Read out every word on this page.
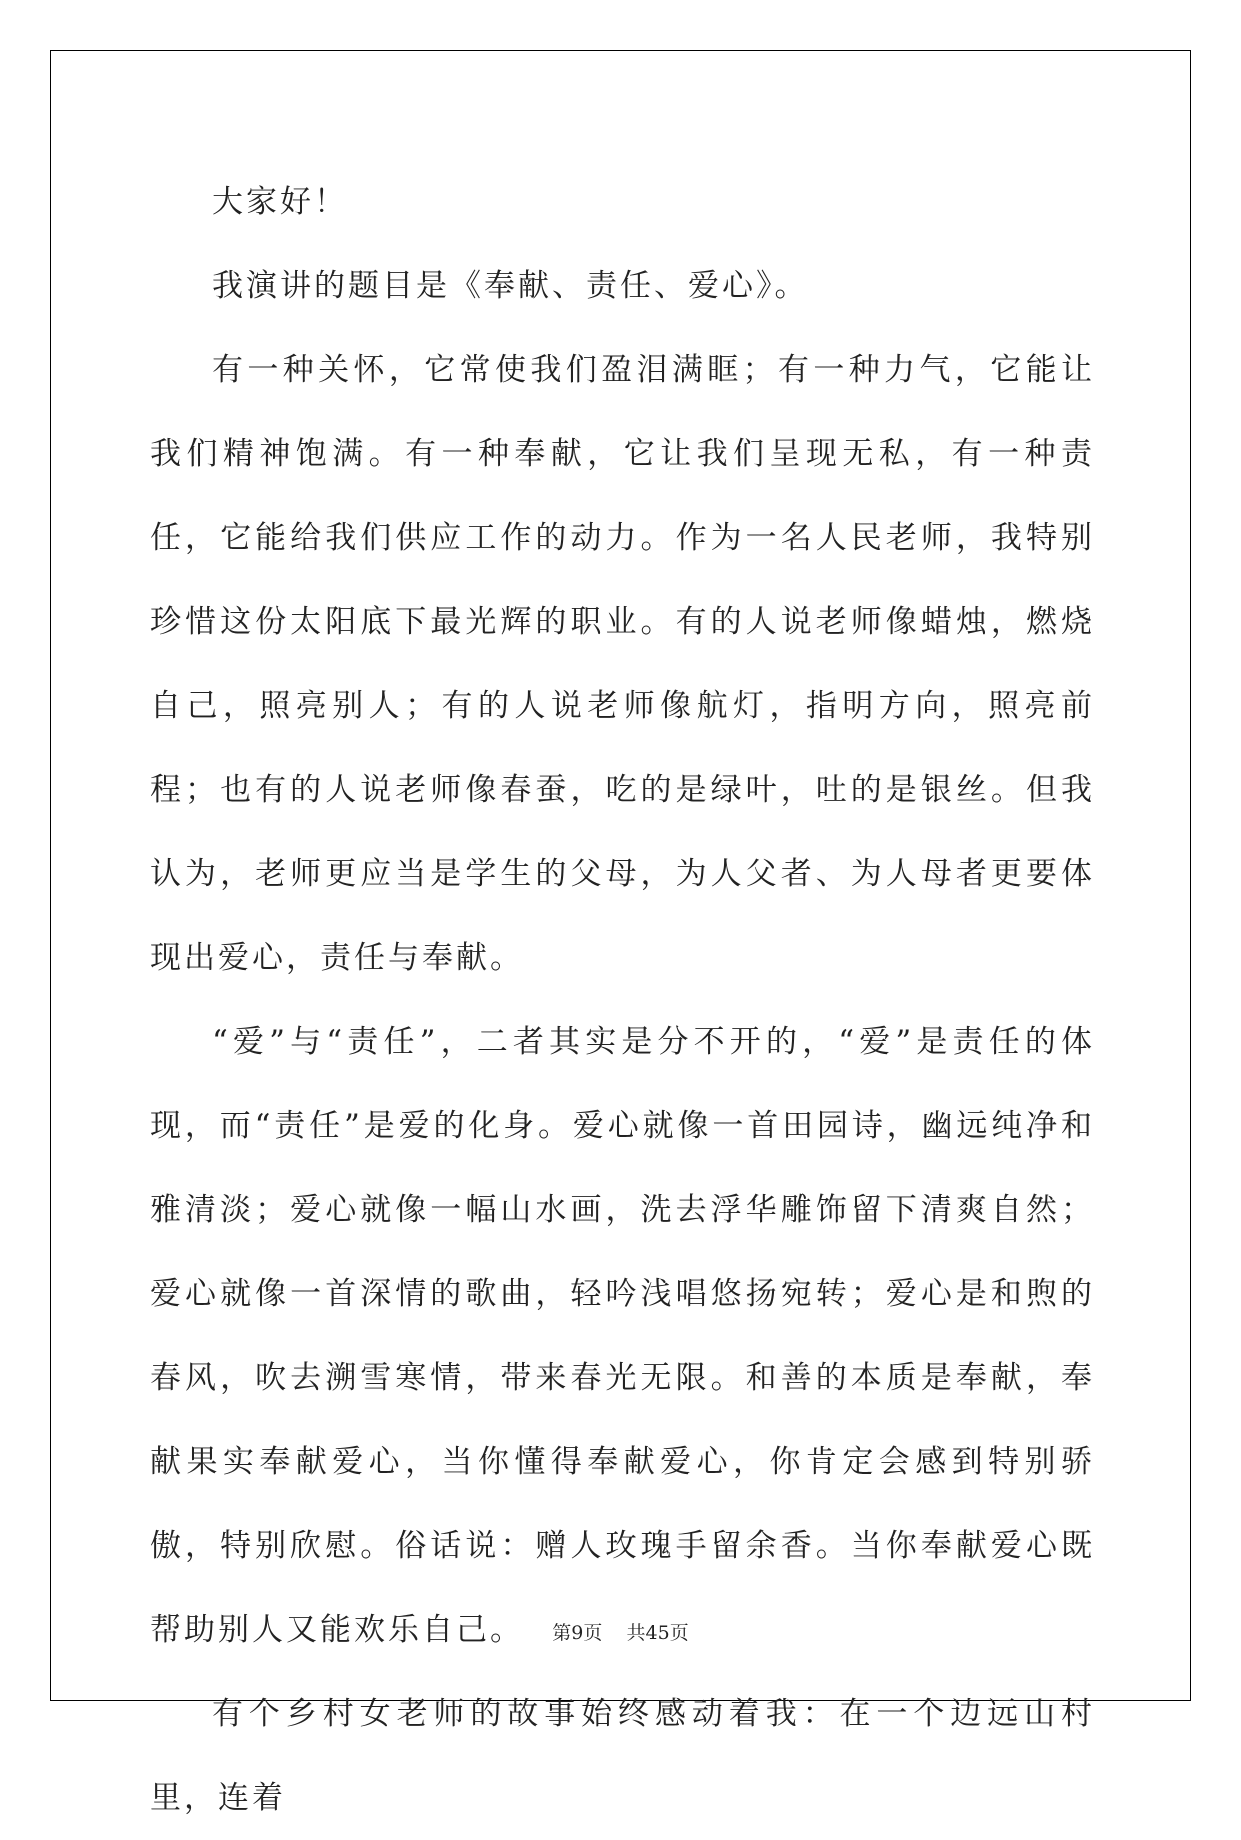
大家好！

我演讲的题目是《奉献、责任、爱心》。

有一种关怀，它常使我们盈泪满眶；有一种力气，它能让我们精神饱满。有一种奉献，它让我们呈现无私，有一种责任，它能给我们供应工作的动力。作为一名人民老师，我特别珍惜这份太阳底下最光辉的职业。有的人说老师像蜡烛，燃烧自己，照亮别人；有的人说老师像航灯，指明方向，照亮前程；也有的人说老师像春蚕，吃的是绿叶，吐的是银丝。但我认为，老师更应当是学生的父母，为人父者、为人母者更要体现出爱心，责任与奉献。

“爱”与“责任”，二者其实是分不开的，“爱”是责任的体现，而“责任”是爱的化身。爱心就像一首田园诗，幽远纯净和雅清淡；爱心就像一幅山水画，洗去浮华雕饰留下清爽自然；爱心就像一首深情的歌曲，轻吟浅唱悠扬宛转；爱心是和煦的春风，吹去溯雪寒情，带来春光无限。和善的本质是奉献，奉献果实奉献爱心，当你懂得奉献爱心，你肯定会感到特别骄傲，特别欣慰。俗话说：赠人玫瑰手留余香。当你奉献爱心既帮助别人又能欢乐自己。

有个乡村女老师的故事始终感动着我：在一个边远山村里，连着

第9页 共45页
